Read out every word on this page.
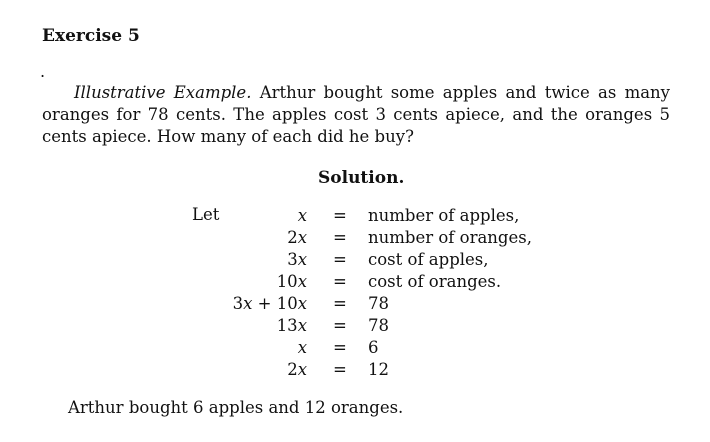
Exercise 5
.
Illustrative Example. Arthur bought some apples and twice as many oranges for 78 cents. The apples cost 3 cents apiece, and the oranges 5 cents apiece. How many of each did he buy?
Solution.
Let	x = number of apples,
2x = number of oranges,
3x = cost of apples,
10x = cost of oranges.
3x + 10x = 78
13x = 78
x = 6
2x = 12
Arthur bought 6 apples and 12 oranges.
